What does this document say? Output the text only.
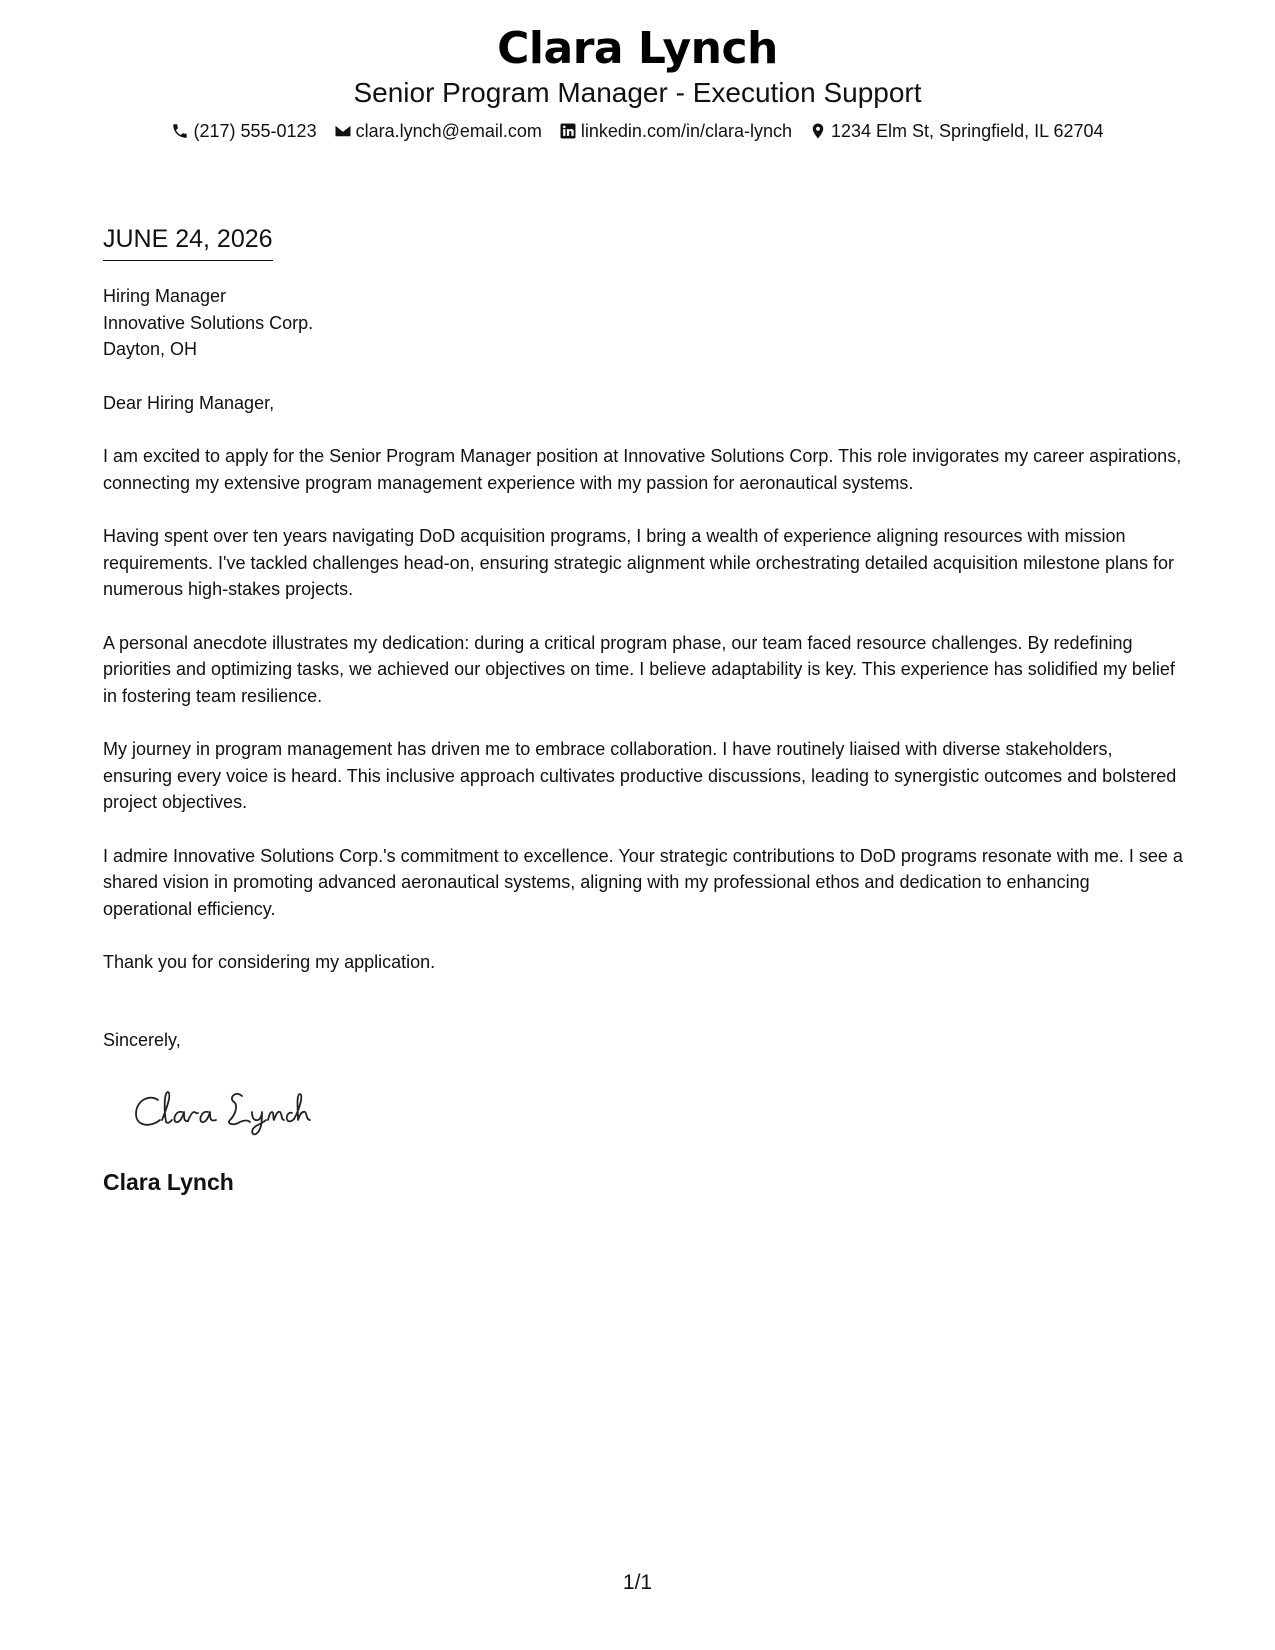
Clara Lynch

Senior Program Manager - Execution Support

(217) 555-0123 clara.lynch@email.com linkedin.com/in/clara-lynch 1234 Elm St, Springfield, IL 62704
JUNE 24, 2026

Hiring Manager

Innovative Solutions Corp.

Dayton, OH

Dear Hiring Manager,

I am excited to apply for the Senior Program Manager position at Innovative Solutions Corp. This role invigorates my career aspirations, connecting my extensive program management experience with my passion for aeronautical systems.

Having spent over ten years navigating DoD acquisition programs, I bring a wealth of experience aligning resources with mission requirements. I've tackled challenges head-on, ensuring strategic alignment while orchestrating detailed acquisition milestone plans for numerous high-stakes projects.

A personal anecdote illustrates my dedication: during a critical program phase, our team faced resource challenges. By redefining priorities and optimizing tasks, we achieved our objectives on time. I believe adaptability is key. This experience has solidified my belief in fostering team resilience.

My journey in program management has driven me to embrace collaboration. I have routinely liaised with diverse stakeholders, ensuring every voice is heard. This inclusive approach cultivates productive discussions, leading to synergistic outcomes and bolstered project objectives.

I admire Innovative Solutions Corp.'s commitment to excellence. Your strategic contributions to DoD programs resonate with me. I see a shared vision in promoting advanced aeronautical systems, aligning with my professional ethos and dedication to enhancing operational efficiency.

Thank you for considering my application.

Sincerely,

Clara Lynch

1/1
